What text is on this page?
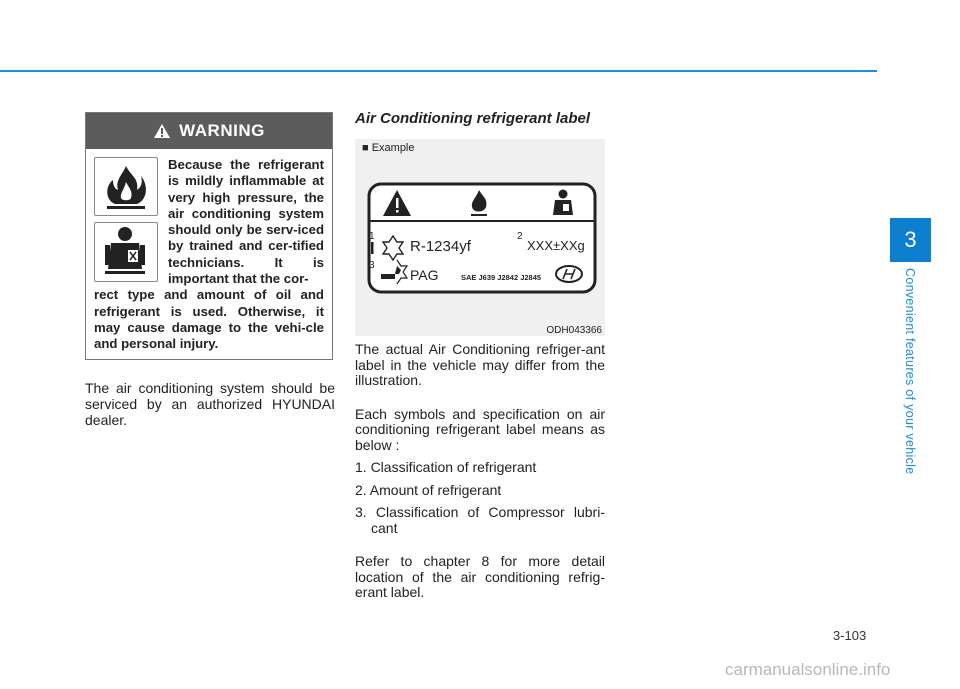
3
Convenient features of your vehicle
WARNING
Because the refrigerant is mildly inflammable at very high pressure, the air conditioning system should only be serv-iced by trained and cer-tified technicians. It is important that the cor-
rect type and amount of oil and refrigerant is used. Otherwise, it may cause damage to the vehi-cle and personal injury.
The air conditioning system should be serviced by an authorized HYUNDAI dealer.
Air Conditioning refrigerant label
■ Example
1
R-1234yf
2
XXX±XXg
3
PAG	SAE J639 J2842 J2845
ODH043366

The actual Air Conditioning refriger-ant label in the vehicle may differ from the illustration.

Each symbols and specification on air conditioning refrigerant label means as below :

1. Classification of refrigerant

2. Amount of refrigerant

3. Classification of Compressor lubri-cant

Refer to chapter 8 for more detail location of the air conditioning refrig-erant label.

3-103
carmanualsonline.info
